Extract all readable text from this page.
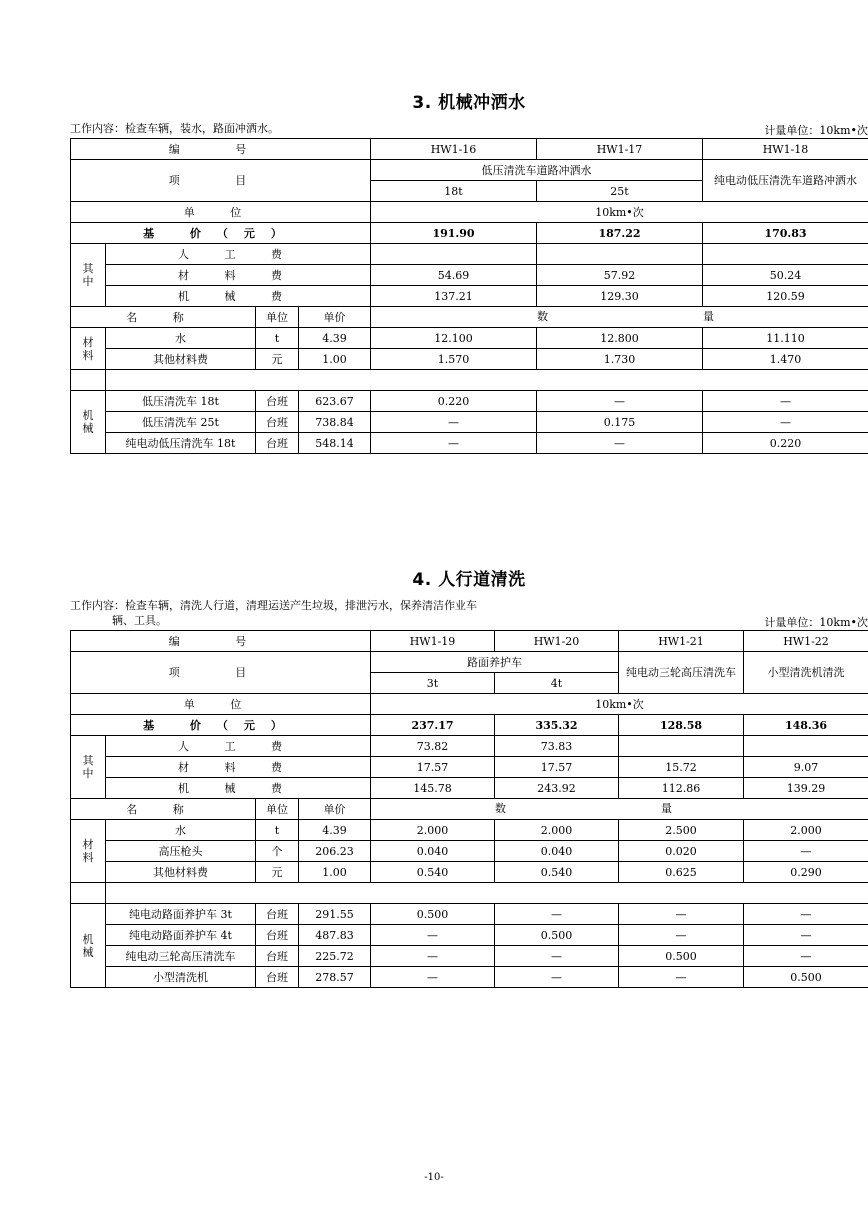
3. 机械冲洒水
工作内容：检查车辆，装水，路面冲洒水。	计量单位：10km•次
编 号				HW1-16	HW1-17	HW1-18
项 目				低压清洗车道路冲洒水		纯电动低压清洗车道路冲洒水
				18t	25t	
单 位				10km•次		
基 价（元）				191.90	187.22	170.83

其
中	人 工 费					
	材 料 费			54.69	57.92	50.24
	机 械 费			137.21	129.30	120.59
名 称		单位	单价	数 量		

材
料	水	t	4.39	12.100	12.800	11.110
	其他材料费	元	1.00	1.570	1.730	1.470

机
械	低压清洗车 18t	台班	623.67	0.220	—	—
	低压清洗车 25t	台班	738.84	—	0.175	—
	纯电动低压清洗车 18t	台班	548.14	—	—	0.220
4. 人行道清洗
工作内容：检查车辆，清洗人行道，清理运送产生垃圾，排泄污水，保养清洁作业车
辆、工具。	计量单位：10km•次
编 号				HW1-19	HW1-20	HW1-21	HW1-22
项 目				路面养护车		纯电动三轮高压清洗车	小型清洗机清洗
				3t	4t		
单 位				10km•次			
基 价（元）				237.17	335.32	128.58	148.36

其
中	人 工 费			73.82	73.83		
	材 料 费			17.57	17.57	15.72	9.07
	机 械 费			145.78	243.92	112.86	139.29
名 称		单位	单价	数 量			

材
料	水	t	4.39	2.000	2.000	2.500	2.000
	高压枪头	个	206.23	0.040	0.040	0.020	—
	其他材料费	元	1.00	0.540	0.540	0.625	0.290

机
械	纯电动路面养护车 3t	台班	291.55	0.500	—	—	—
	纯电动路面养护车 4t	台班	487.83	—	0.500	—	—
	纯电动三轮高压清洗车	台班	225.72	—	—	0.500	—
	小型清洗机	台班	278.57	—	—	—	0.500
-10-
